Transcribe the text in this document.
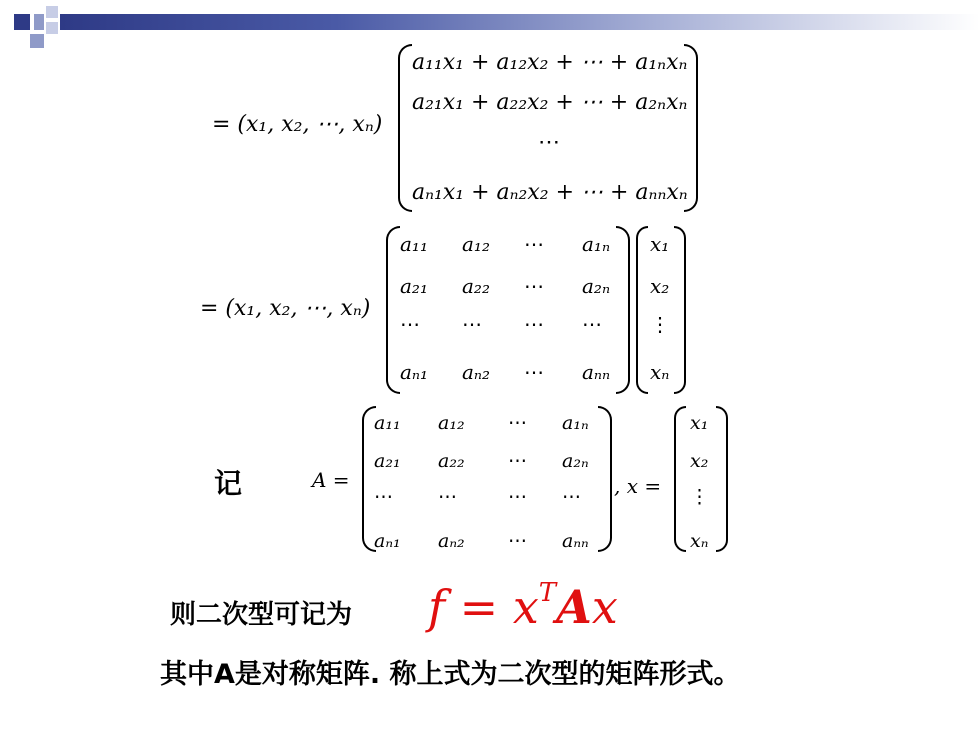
= (x₁, x₂, ⋯, xₙ)
a₁₁x₁ + a₁₂x₂ + ⋯ + a₁ₙxₙ
a₂₁x₁ + a₂₂x₂ + ⋯ + a₂ₙxₙ
⋯
aₙ₁x₁ + aₙ₂x₂ + ⋯ + aₙₙxₙ
= (x₁, x₂, ⋯, xₙ)
a₁₁ a₁₂ ⋯ a₁ₙ
a₂₁ a₂₂ ⋯ a₂ₙ
⋯ ⋯ ⋯ ⋯
aₙ₁ aₙ₂ ⋯ aₙₙ
x₁
x₂
⋮
xₙ
记	A =	, x =
a₁₁ a₁₂ ⋯ a₁ₙ
a₂₁ a₂₂ ⋯ a₂ₙ
⋯ ⋯	⋯ ⋯
aₙ₁ aₙ₂ ⋯ aₙₙ
x₁
x₂
⋮
xₙ
则二次型可记为 $f = x^TAx$
其中A是对称矩阵. 称上式为二次型的矩阵形式。
